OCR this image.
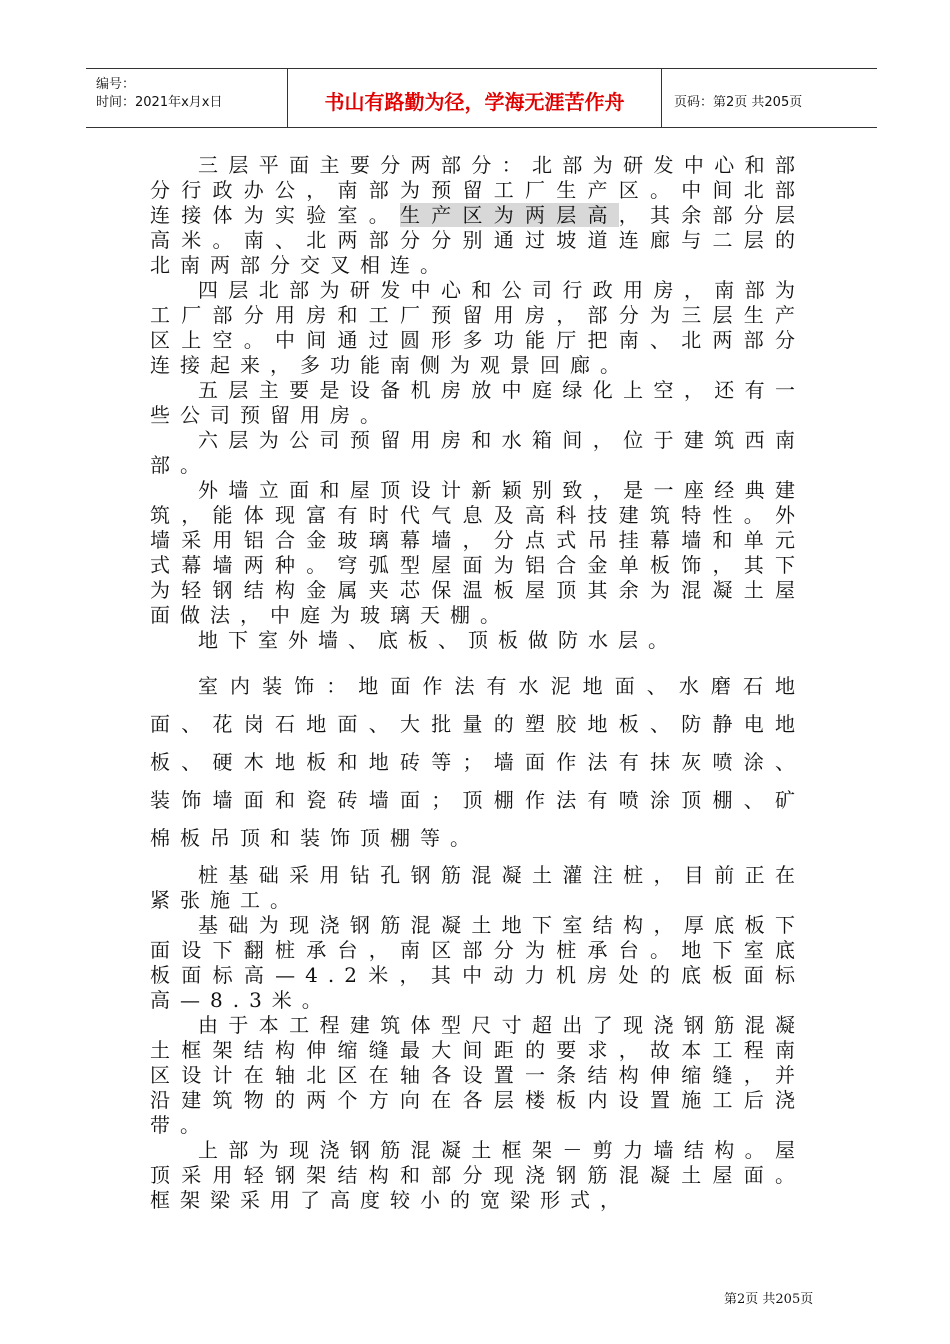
编号：
时间：2021年x月x日	书山有路勤为径，学海无涯苦作舟	页码：第2页 共205页

三层平面主要分两部分：北部为研发中心和部分行政办公，南部为预留工厂生产区。中间北部连接体为实验室。生产区为两层高，其余部分层高米。南、北两部分分别通过坡道连廊与二层的北南两部分交叉相连。

四层北部为研发中心和公司行政用房，南部为工厂部分用房和工厂预留用房，部分为三层生产区上空。中间通过圆形多功能厅把南、北两部分连接起来，多功能南侧为观景回廊。

五层主要是设备机房放中庭绿化上空，还有一些公司预留用房。

六层为公司预留用房和水箱间，位于建筑西南部。

外墙立面和屋顶设计新颖别致，是一座经典建筑，能体现富有时代气息及高科技建筑特性。外墙采用铝合金玻璃幕墙，分点式吊挂幕墙和单元式幕墙两种。穹弧型屋面为铝合金单板饰，其下为轻钢结构金属夹芯保温板屋顶其余为混凝土屋面做法，中庭为玻璃天棚。

地下室外墙、底板、顶板做防水层。

室内装饰：地面作法有水泥地面、水磨石地面、花岗石地面、大批量的塑胶地板、防静电地板、硬木地板和地砖等；墙面作法有抹灰喷涂、装饰墙面和瓷砖墙面；顶棚作法有喷涂顶棚、矿棉板吊顶和装饰顶棚等。

桩基础采用钻孔钢筋混凝土灌注桩，目前正在紧张施工。

基础为现浇钢筋混凝土地下室结构，厚底板下面设下翻桩承台，南区部分为桩承台。地下室底板面标高—4.2米，其中动力机房处的底板面标高—8.3米。

由于本工程建筑体型尺寸超出了现浇钢筋混凝土框架结构伸缩缝最大间距的要求，故本工程南区设计在轴北区在轴各设置一条结构伸缩缝，并沿建筑物的两个方向在各层楼板内设置施工后浇带。

上部为现浇钢筋混凝土框架－剪力墙结构。屋顶采用轻钢架结构和部分现浇钢筋混凝土屋面。框架梁采用了高度较小的宽梁形式，

第2页 共205页
